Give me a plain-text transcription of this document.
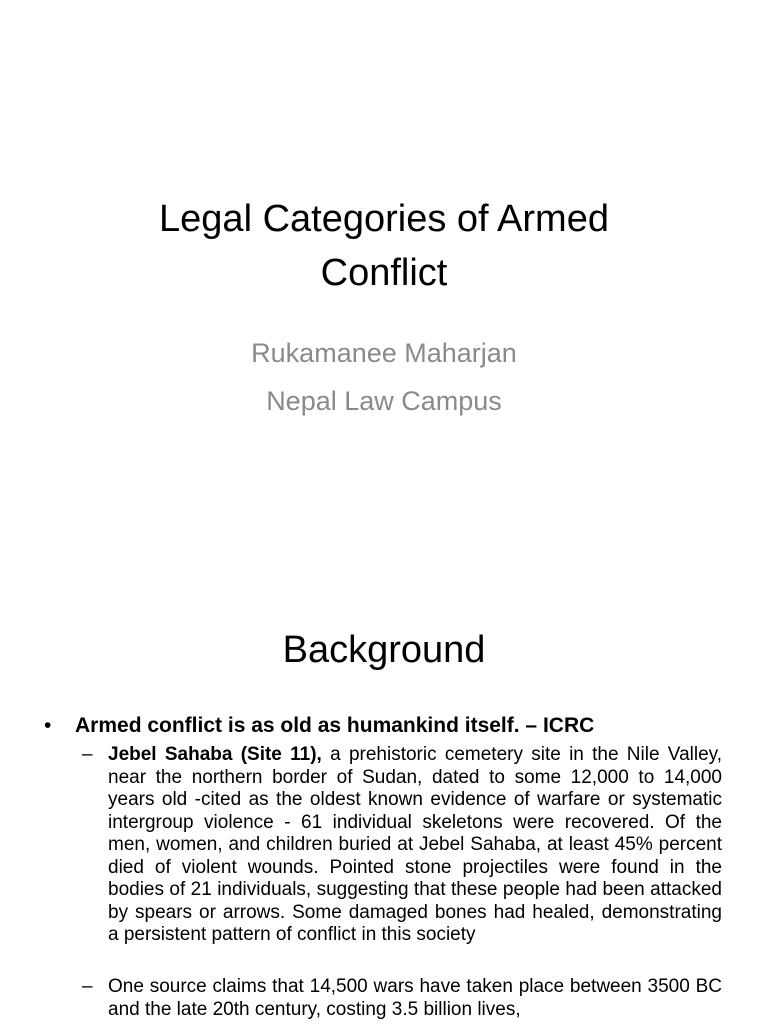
Legal Categories of Armed
Conflict
Rukamanee Maharjan
Nepal Law Campus
Background
• Armed conflict is as old as humankind itself. – ICRC
– Jebel Sahaba (Site 11), a prehistoric cemetery site in the Nile Valley, near the northern border of Sudan, dated to some 12,000 to 14,000 years old -cited as the oldest known evidence of warfare or systematic intergroup violence - 61 individual skeletons were recovered. Of the men, women, and children buried at Jebel Sahaba, at least 45% percent died of violent wounds. Pointed stone projectiles were found in the bodies of 21 individuals, suggesting that these people had been attacked by spears or arrows. Some damaged bones had healed, demonstrating a persistent pattern of conflict in this society
– One source claims that 14,500 wars have taken place between 3500 BC and the late 20th century, costing 3.5 billion lives,
